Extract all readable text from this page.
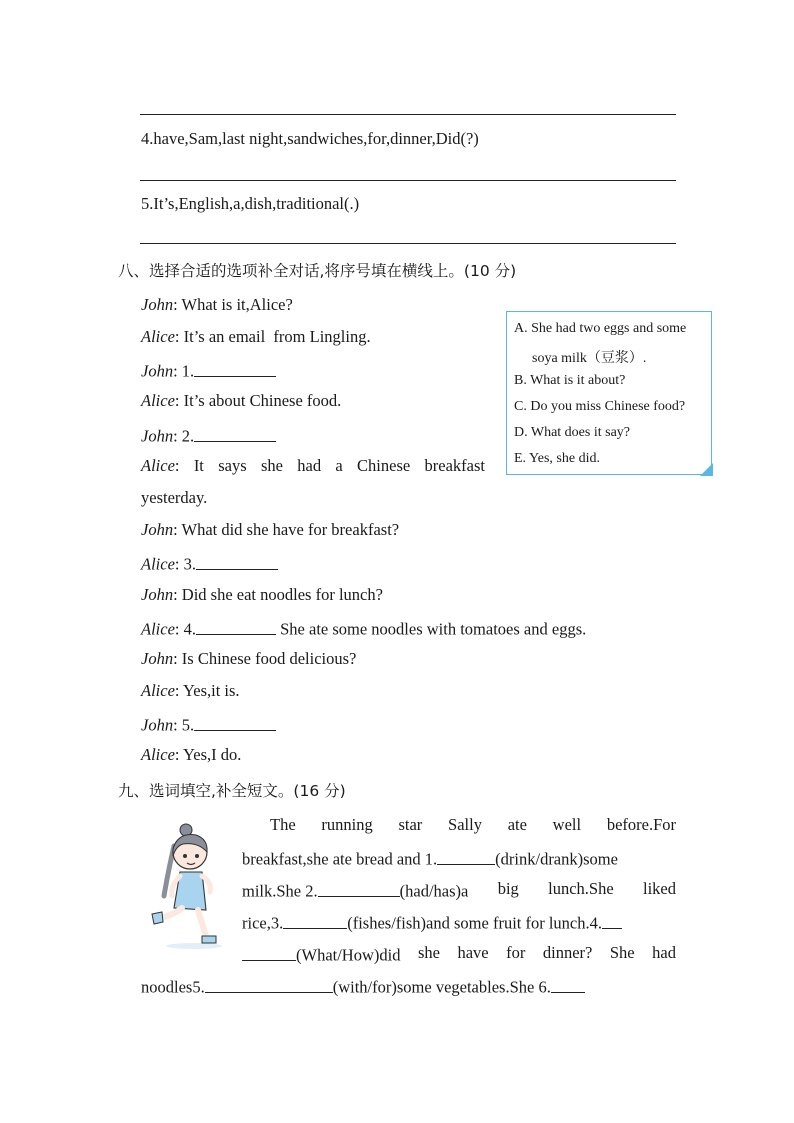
4.have,Sam,last night,sandwiches,for,dinner,Did(?)
5.It’s,English,a,dish,traditional(.)
八、选择合适的选项补全对话,将序号填在横线上。(10 分)
John: What is it,Alice?
Alice: It’s an email  from Lingling.
John: 1.
Alice: It’s about Chinese food.
John: 2.
Alice: It says she had a Chinese breakfast
yesterday.
John: What did she have for breakfast?
Alice: 3.
John: Did she eat noodles for lunch?
Alice: 4.	She ate some noodles with tomatoes and eggs.
John: Is Chinese food delicious?
Alice: Yes,it is.
John: 5.
Alice: Yes,I do.
A. She had two eggs and some
soya milk（豆浆）.
B. What is it about?
C. Do you miss Chinese food?
D. What does it say?
E. Yes, she did.
九、选词填空,补全短文。(16 分)
The running star Sally ate well before.For
breakfast,she ate bread and 1.	(drink/drank)some
milk.She 2.	(had/has)a big lunch.She liked
rice,3.	(fishes/fish)and some fruit for lunch.4.
(What/How)did she have for dinner? She had
noodles5.	(with/for)some vegetables.She 6.
